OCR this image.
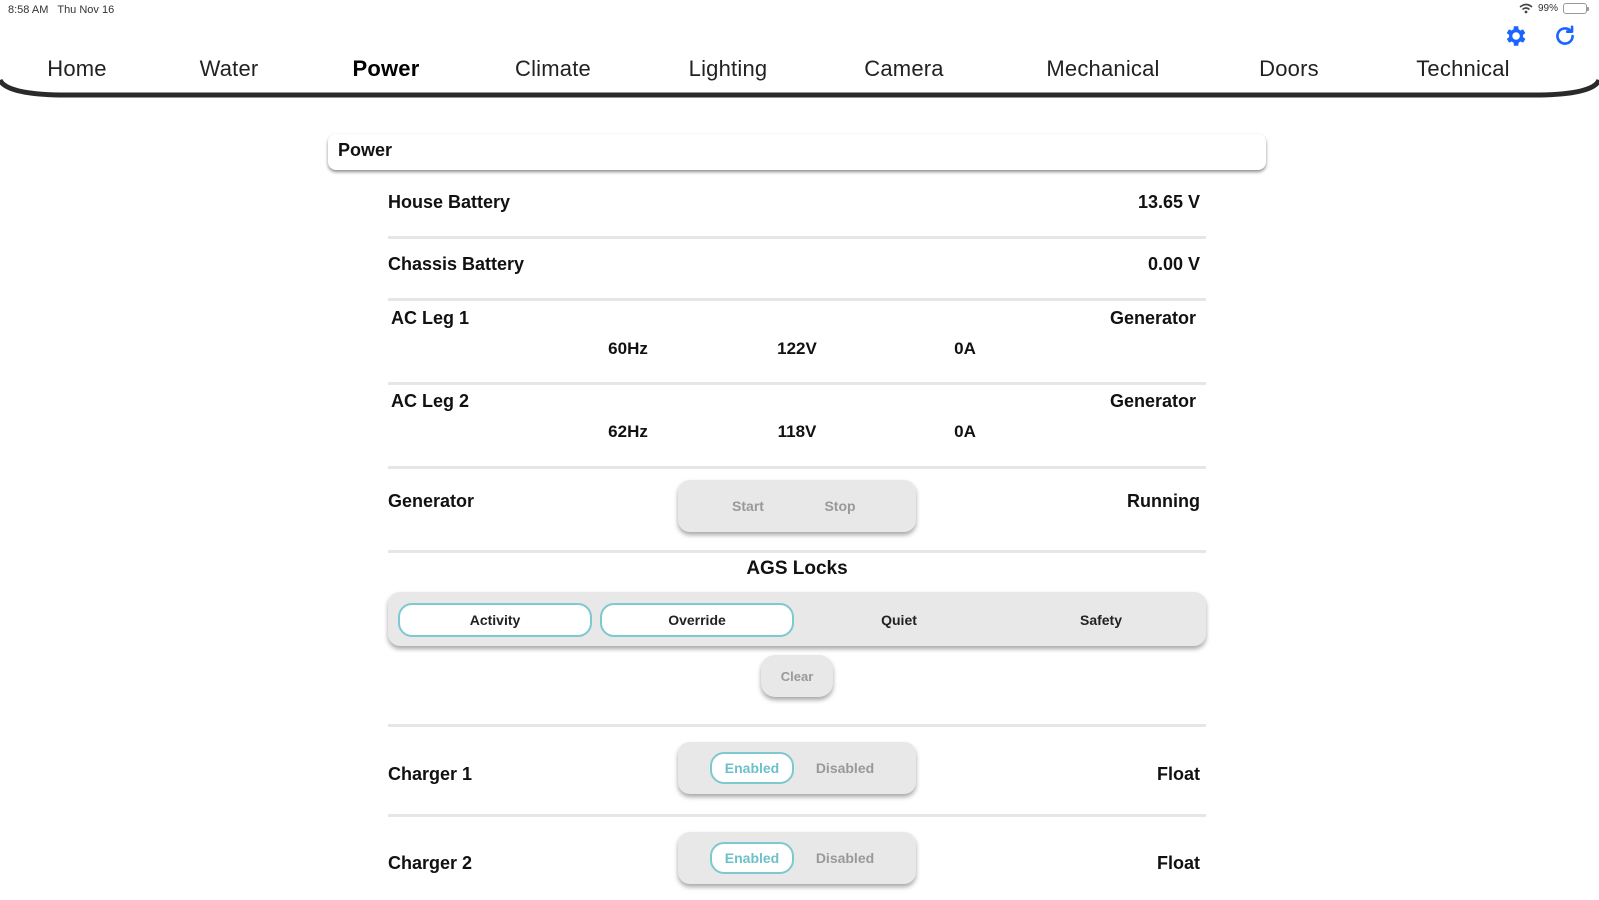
8:58 AM Thu Nov 16	99%
Home	Water	Power	Climate	Lighting	Camera	Mechanical	Doors	Technical
Power
House Battery	13.65 V
Chassis Battery	0.00 V
AC Leg 1	Generator
60Hz	122V	0A
AC Leg 2	Generator
62Hz	118V	0A
Generator	Start	Stop	Running
AGS Locks
Activity	Override	Quiet	Safety
Clear
Charger 1	Enabled	Disabled	Float
Charger 2	Enabled	Disabled	Float
